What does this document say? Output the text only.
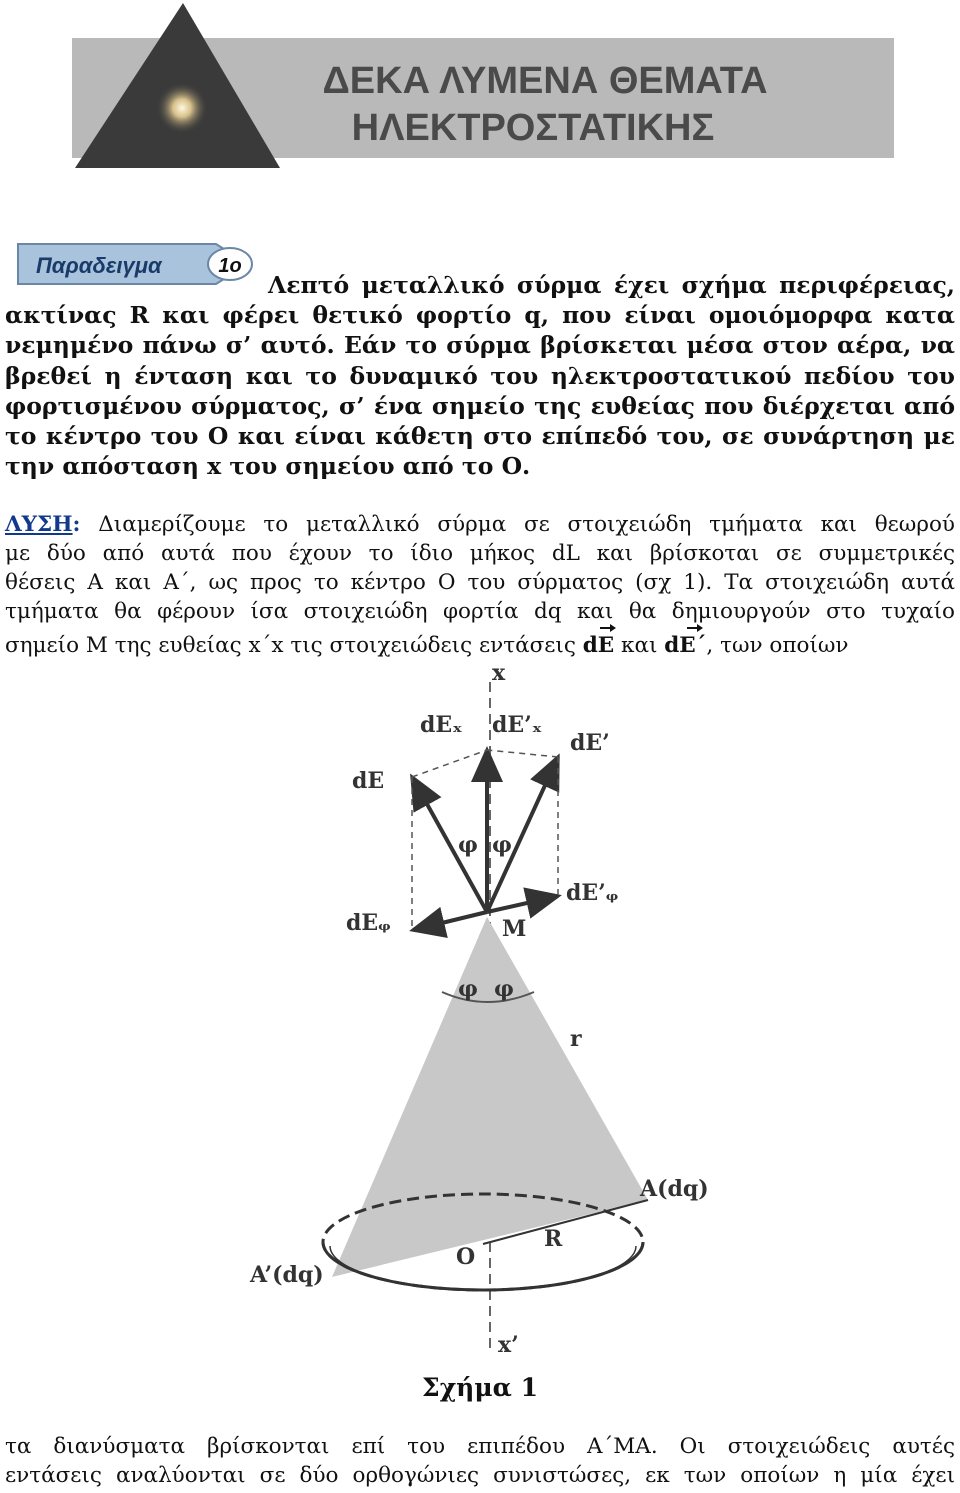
ΔΕΚΑ ΛΥΜΕΝΑ ΘΕΜΑΤΑ
ΗΛΕΚΤΡΟΣΤΑΤΙΚΗΣ
Παραδειγμα	1ο

Λεπτό μεταλλικό σύρμα έχει σχήμα περιφέρειας,

ακτίνας R και φέρει θετικό φορτίο q, που είναι ομοιόμορφα κατα

νεμημένο πάνω σ’ αυτό. Εάν το σύρμα βρίσκεται μέσα στον αέρα, να

βρεθεί η ένταση και το δυναμικό του ηλεκτροστατικού πεδίου του

φορτισμένου σύρματος, σ’ ένα σημείο της ευθείας που διέρχεται από

το κέντρο του Ο και είναι κάθετη στο επίπεδό του, σε συνάρτηση με

την απόσταση x του σημείου από το Ο.

ΛΥΣΗ: Διαμερίζουμε το μεταλλικό σύρμα σε στοιχειώδη τμήματα και θεωρού

με δύο από αυτά που έχουν το ίδιο μήκος dL και βρίσκοται σε συμμετρικές

θέσεις Α και Α΄, ως προς το κέντρο Ο του σύρματος (σχ 1). Τα στοιχειώδη αυτά

τμήματα θα φέρουν ίσα στοιχειώδη φορτία dq και θα δημιουργούν στο τυχαίο

σημείο Μ της ευθείας x΄x τις στοιχειώδεις εντάσεις dE και dE΄, των οποίων

x
dEₓ dE’ₓ
dE’
dE
φ φ
dE’ᵩ
dEᵩ	M
φ φ
r
A(dq)
R
O
A’(dq)
x’
Σχήμα 1

τα διανύσματα βρίσκονται επί του επιπέδου Α΄ΜΑ. Οι στοιχειώδεις αυτές

εντάσεις αναλύονται σε δύο ορθογώνιες συνιστώσες, εκ των οποίων η μία έχει
